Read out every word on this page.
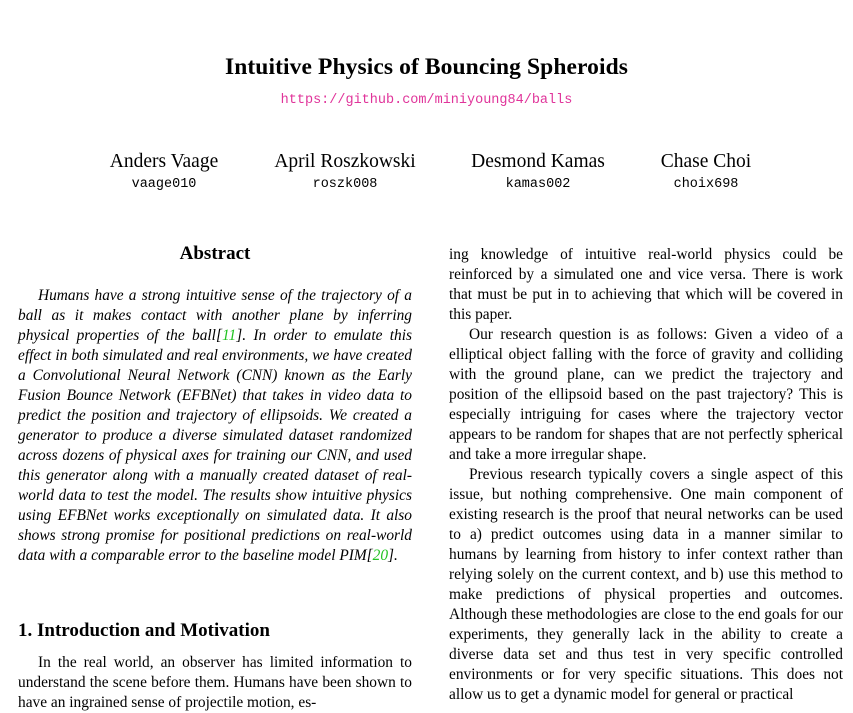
Intuitive Physics of Bouncing Spheroids
https://github.com/miniyoung84/balls
Anders Vaage
vaage010
April Roszkowski
roszk008
Desmond Kamas
kamas002
Chase Choi
choix698
Abstract

Humans have a strong intuitive sense of the trajectory of a ball as it makes contact with another plane by inferring physical properties of the ball[11]. In order to emulate this effect in both simulated and real environments, we have created a Convolutional Neural Network (CNN) known as the Early Fusion Bounce Network (EFBNet) that takes in video data to predict the position and trajectory of ellipsoids. We created a generator to produce a diverse simulated dataset randomized across dozens of physical axes for training our CNN, and used this generator along with a manually created dataset of real-world data to test the model. The results show intuitive physics using EFBNet works exceptionally on simulated data. It also shows strong promise for positional predictions on real-world data with a comparable error to the baseline model PIM[20].

1. Introduction and Motivation

In the real world, an observer has limited information to understand the scene before them. Humans have been shown to have an ingrained sense of projectile motion, es-

ing knowledge of intuitive real-world physics could be reinforced by a simulated one and vice versa. There is work that must be put in to achieving that which will be covered in this paper.

Our research question is as follows: Given a video of a elliptical object falling with the force of gravity and colliding with the ground plane, can we predict the trajectory and position of the ellipsoid based on the past trajectory? This is especially intriguing for cases where the trajectory vector appears to be random for shapes that are not perfectly spherical and take a more irregular shape.

Previous research typically covers a single aspect of this issue, but nothing comprehensive. One main component of existing research is the proof that neural networks can be used to a) predict outcomes using data in a manner similar to humans by learning from history to infer context rather than relying solely on the current context, and b) use this method to make predictions of physical properties and outcomes. Although these methodologies are close to the end goals for our experiments, they generally lack in the ability to create a diverse data set and thus test in very specific controlled environments or for very specific situations. This does not allow us to get a dynamic model for general or practical
